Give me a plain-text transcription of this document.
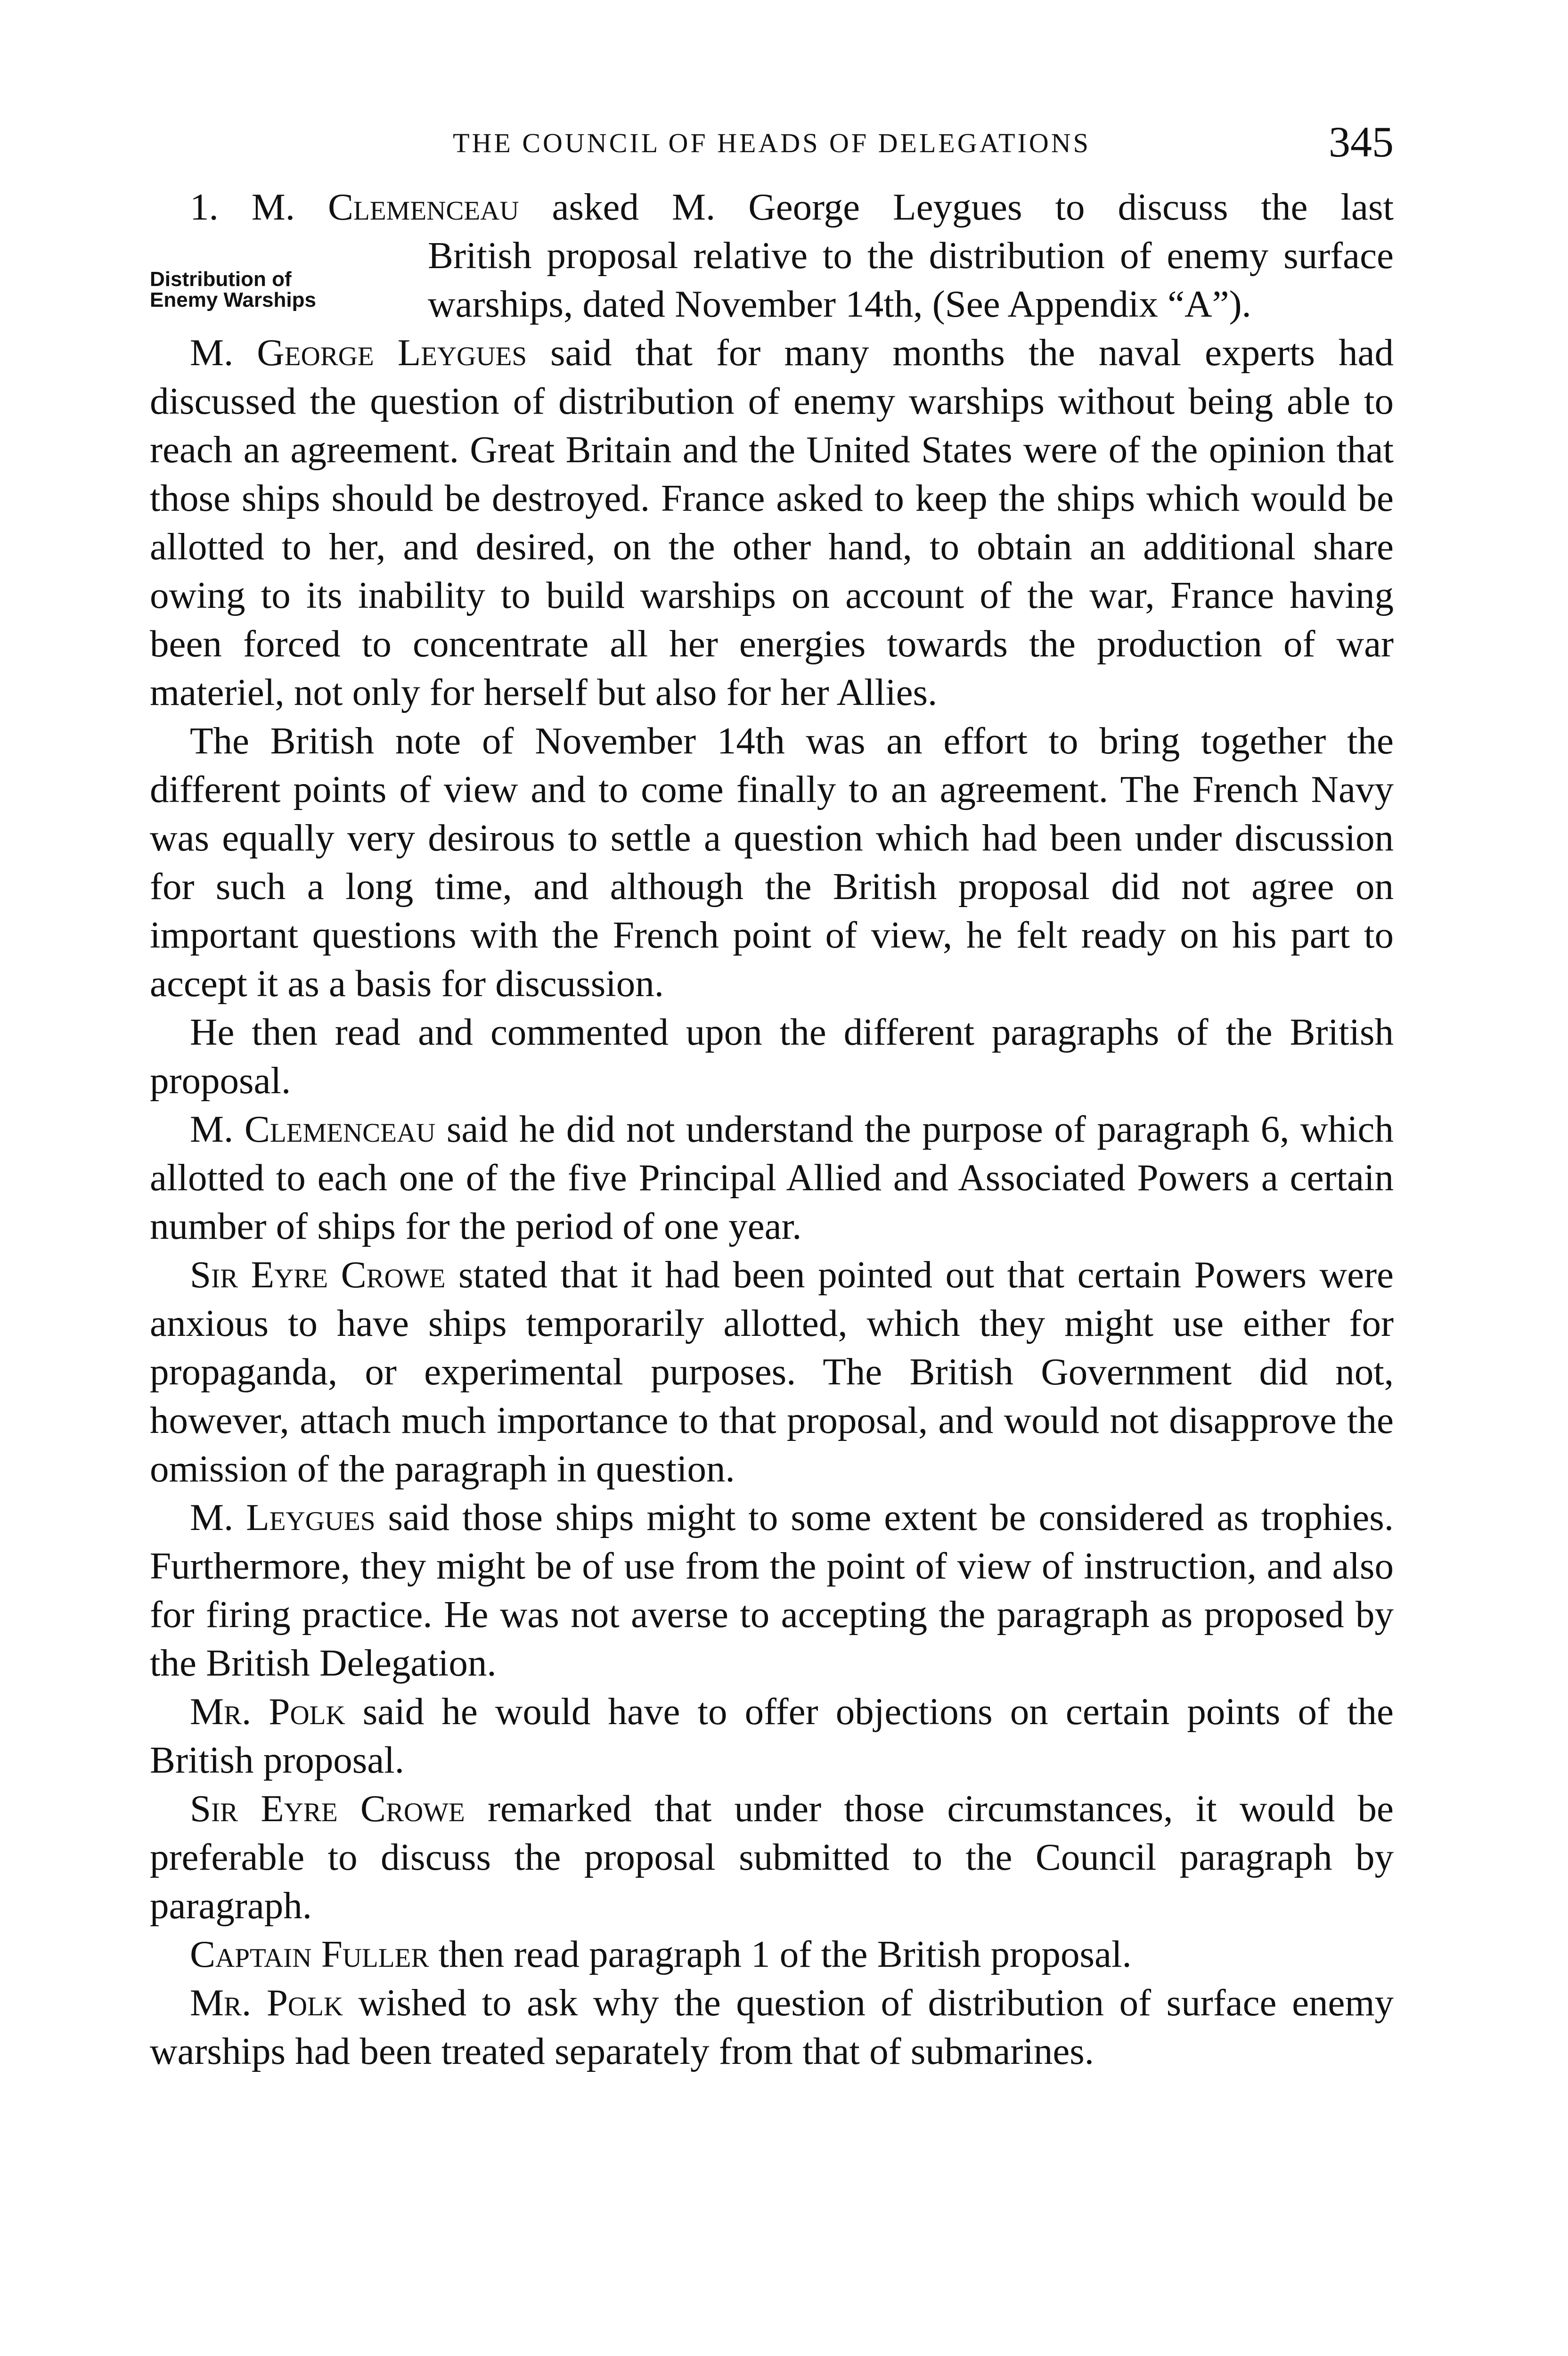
THE COUNCIL OF HEADS OF DELEGATIONS	345

1. M. Clemenceau asked M. George Leygues to discuss the last

Distribution of
Enemy Warships

British proposal relative to the distribution of enemy surface warships, dated November 14th, (See Appendix “A”).

M. George Leygues said that for many months the naval experts had discussed the question of distribution of enemy warships without being able to reach an agreement. Great Britain and the United States were of the opinion that those ships should be destroyed. France asked to keep the ships which would be allotted to her, and desired, on the other hand, to obtain an additional share owing to its inability to build warships on account of the war, France having been forced to concentrate all her energies towards the production of war materiel, not only for herself but also for her Allies.

The British note of November 14th was an effort to bring together the different points of view and to come finally to an agreement. The French Navy was equally very desirous to settle a question which had been under discussion for such a long time, and although the British proposal did not agree on important questions with the French point of view, he felt ready on his part to accept it as a basis for discussion.

He then read and commented upon the different paragraphs of the British proposal.

M. Clemenceau said he did not understand the purpose of paragraph 6, which allotted to each one of the five Principal Allied and Associated Powers a certain number of ships for the period of one year.

Sir Eyre Crowe stated that it had been pointed out that certain Powers were anxious to have ships temporarily allotted, which they might use either for propaganda, or experimental purposes. The British Government did not, however, attach much importance to that proposal, and would not disapprove the omission of the paragraph in question.

M. Leygues said those ships might to some extent be considered as trophies. Furthermore, they might be of use from the point of view of instruction, and also for firing practice. He was not averse to accepting the paragraph as proposed by the British Delegation.

Mr. Polk said he would have to offer objections on certain points of the British proposal.

Sir Eyre Crowe remarked that under those circumstances, it would be preferable to discuss the proposal submitted to the Council paragraph by paragraph.

Captain Fuller then read paragraph 1 of the British proposal.

Mr. Polk wished to ask why the question of distribution of surface enemy warships had been treated separately from that of submarines.
